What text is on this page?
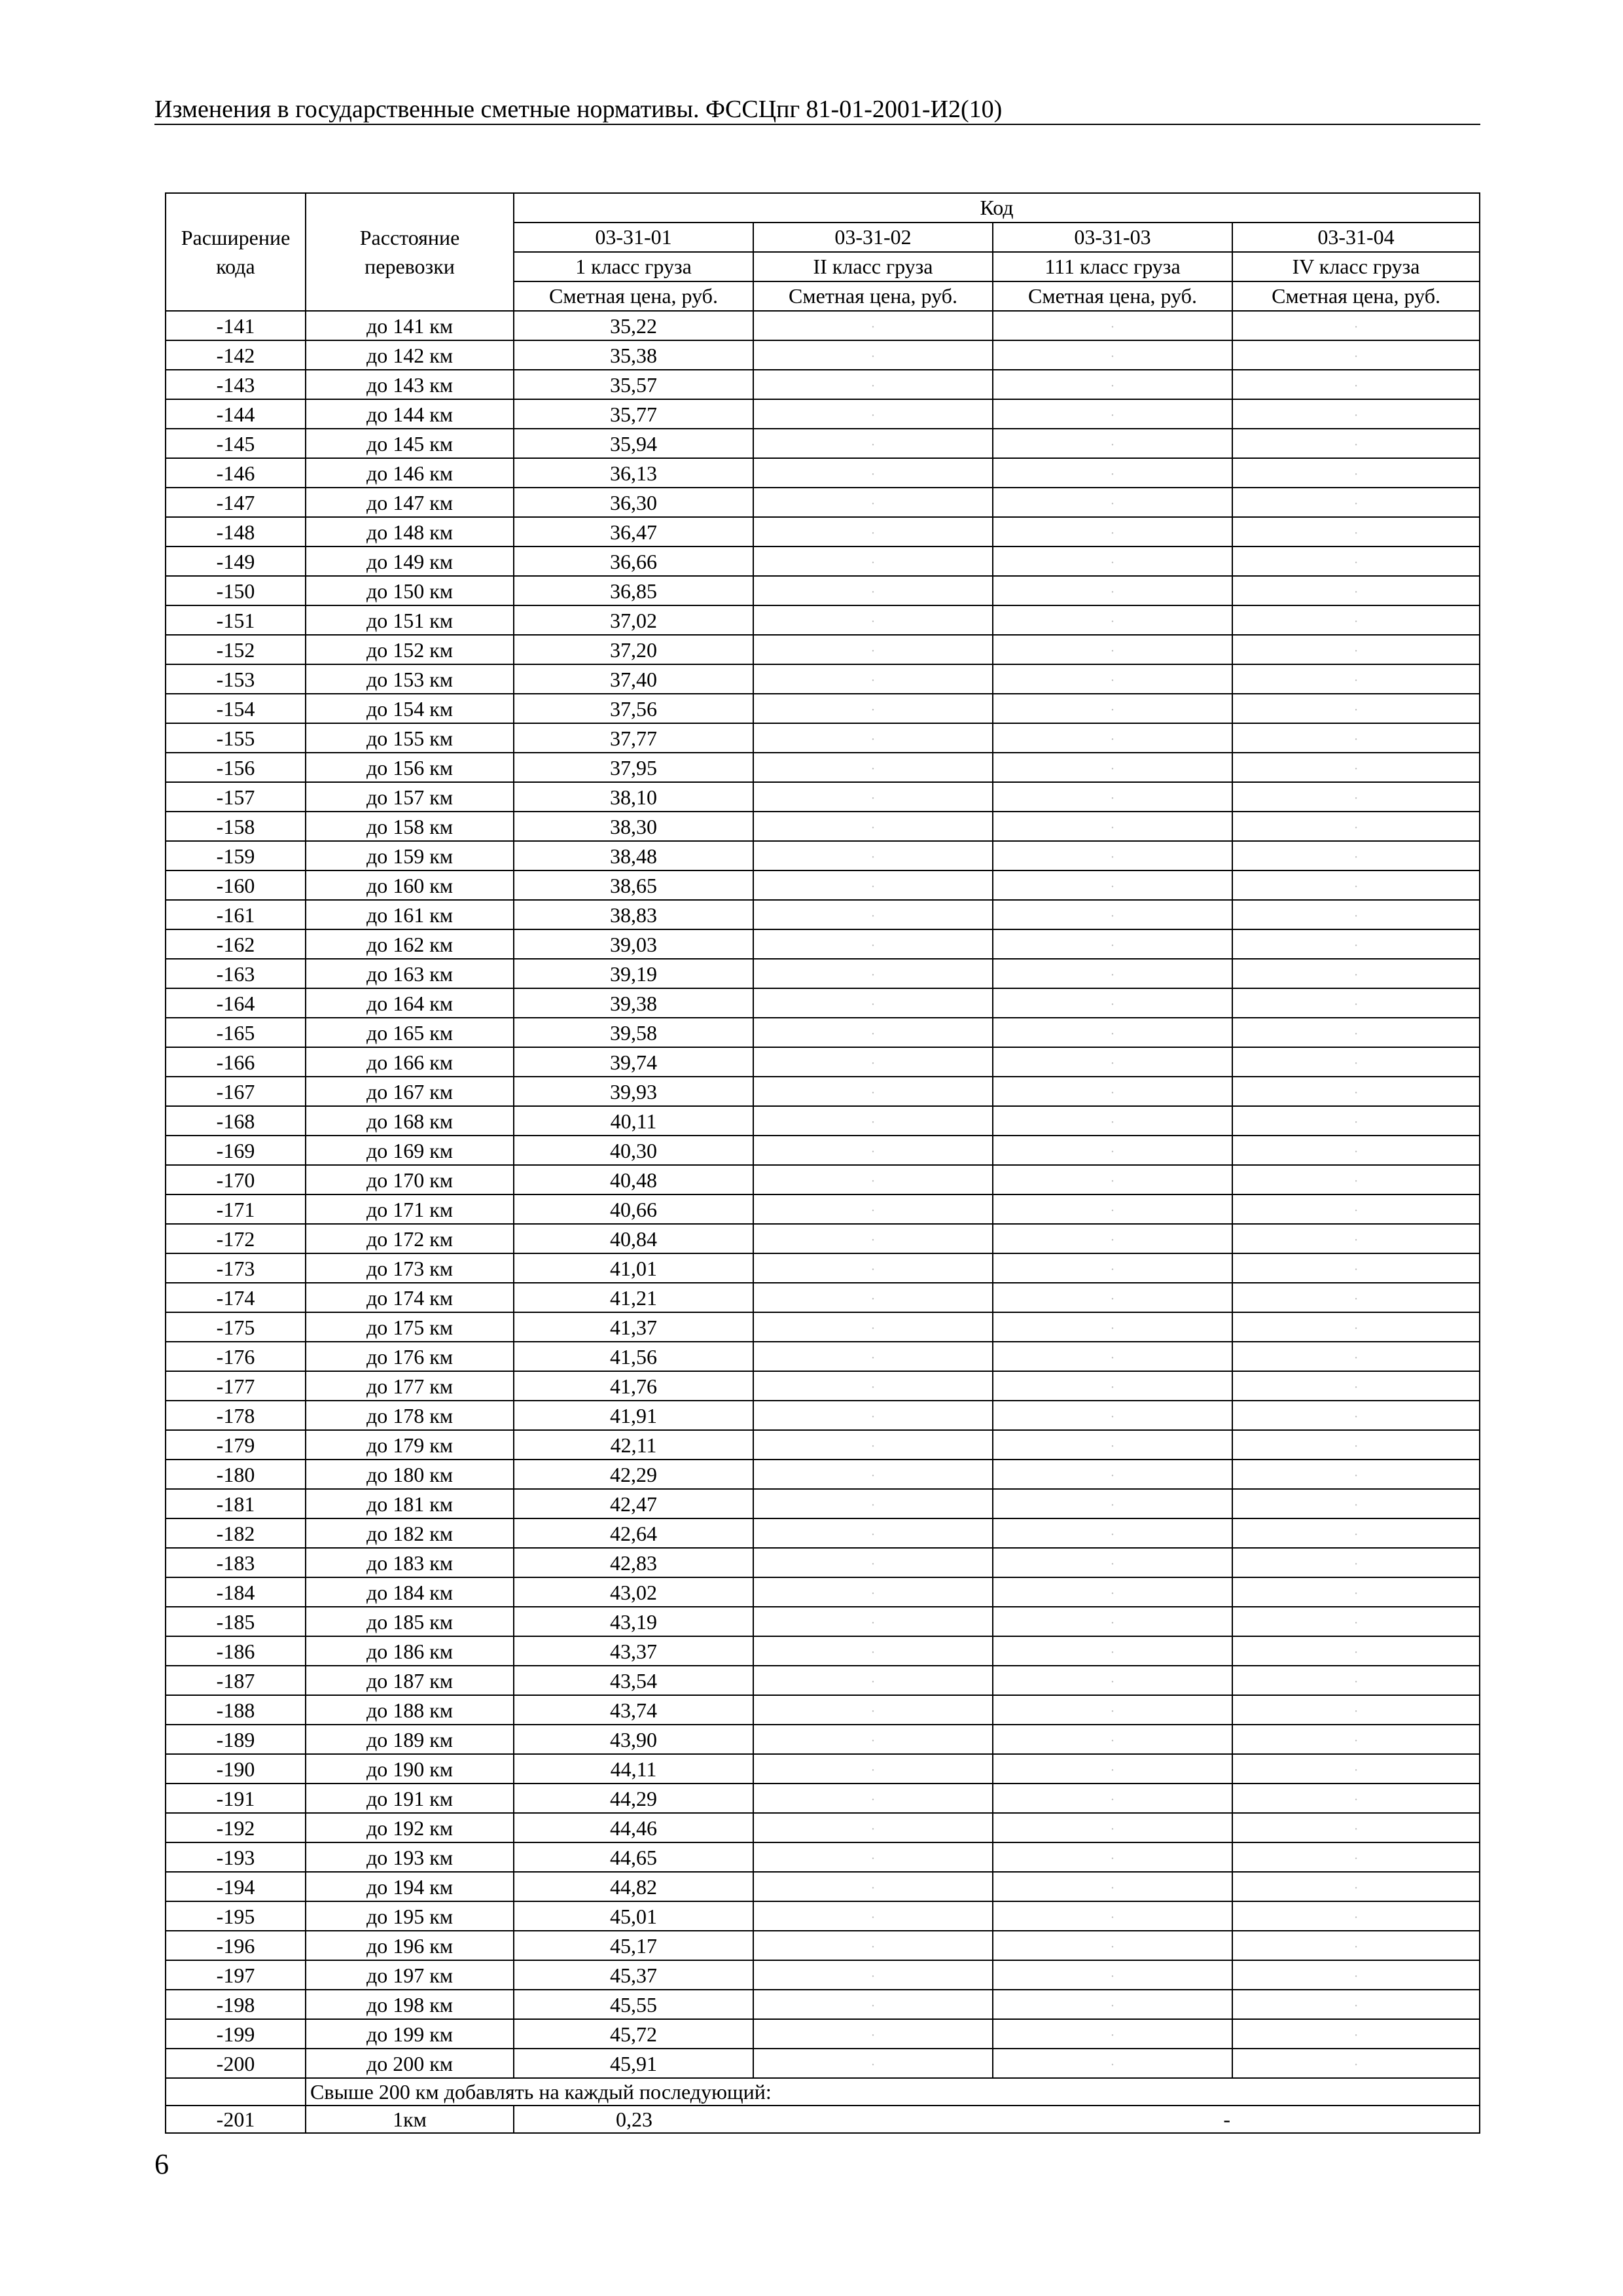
Изменения в государственные сметные нормативы. ФССЦпг 81-01-2001-И2(10)
Расширение кода	Расстояние перевозки	Код			
		03-31-01	03-31-02	03-31-03	03-31-04
		1 класс груза	II класс груза	111 класс груза	IV класс груза
		Сметная цена, руб.	Сметная цена, руб.	Сметная цена, руб.	Сметная цена, руб.
-141	до 141 км	35,22	·	·	·
-142	до 142 км	35,38	·	·	·
-143	до 143 км	35,57	·	·	·
-144	до 144 км	35,77	·	·	·
-145	до 145 км	35,94	·	·	·
-146	до 146 км	36,13	·	·	·
-147	до 147 км	36,30	·	·	·
-148	до 148 км	36,47	·	·	·
-149	до 149 км	36,66	·	·	·
-150	до 150 км	36,85	·	·	·
-151	до 151 км	37,02	·	·	·
-152	до 152 км	37,20	·	·	·
-153	до 153 км	37,40	·	·	·
-154	до 154 км	37,56	·	·	·
-155	до 155 км	37,77	·	·	·
-156	до 156 км	37,95	·	·	·
-157	до 157 км	38,10	·	·	·
-158	до 158 км	38,30	·	·	·
-159	до 159 км	38,48	·	·	·
-160	до 160 км	38,65	·	·	·
-161	до 161 км	38,83	·	·	·
-162	до 162 км	39,03	·	·	·
-163	до 163 км	39,19	·	·	·
-164	до 164 км	39,38	·	·	·
-165	до 165 км	39,58	·	·	·
-166	до 166 км	39,74	·	·	·
-167	до 167 км	39,93	·	·	·
-168	до 168 км	40,11	·	·	·
-169	до 169 км	40,30	·	·	·
-170	до 170 км	40,48	·	·	·
-171	до 171 км	40,66	·	·	·
-172	до 172 км	40,84	·	·	·
-173	до 173 км	41,01	·	·	·
-174	до 174 км	41,21	·	·	·
-175	до 175 км	41,37	·	·	·
-176	до 176 км	41,56	·	·	·
-177	до 177 км	41,76	·	·	·
-178	до 178 км	41,91	·	·	·
-179	до 179 км	42,11	·	·	·
-180	до 180 км	42,29	·	·	·
-181	до 181 км	42,47	·	·	·
-182	до 182 км	42,64	·	·	·
-183	до 183 км	42,83	·	·	·
-184	до 184 км	43,02	·	·	·
-185	до 185 км	43,19	·	·	·
-186	до 186 км	43,37	·	·	·
-187	до 187 км	43,54	·	·	·
-188	до 188 км	43,74	·	·	·
-189	до 189 км	43,90	·	·	·
-190	до 190 км	44,11	·	·	·
-191	до 191 км	44,29	·	·	·
-192	до 192 км	44,46	·	·	·
-193	до 193 км	44,65	·	·	·
-194	до 194 км	44,82	·	·	·
-195	до 195 км	45,01	·	·	·
-196	до 196 км	45,17	·	·	·
-197	до 197 км	45,37	·	·	·
-198	до 198 км	45,55	·	·	·
-199	до 199 км	45,72	·	·	·
-200	до 200 км	45,91	·	·	·
	Свыше 200 км добавлять на каждый последующий:				
-201	1км	0,23 -			
6
